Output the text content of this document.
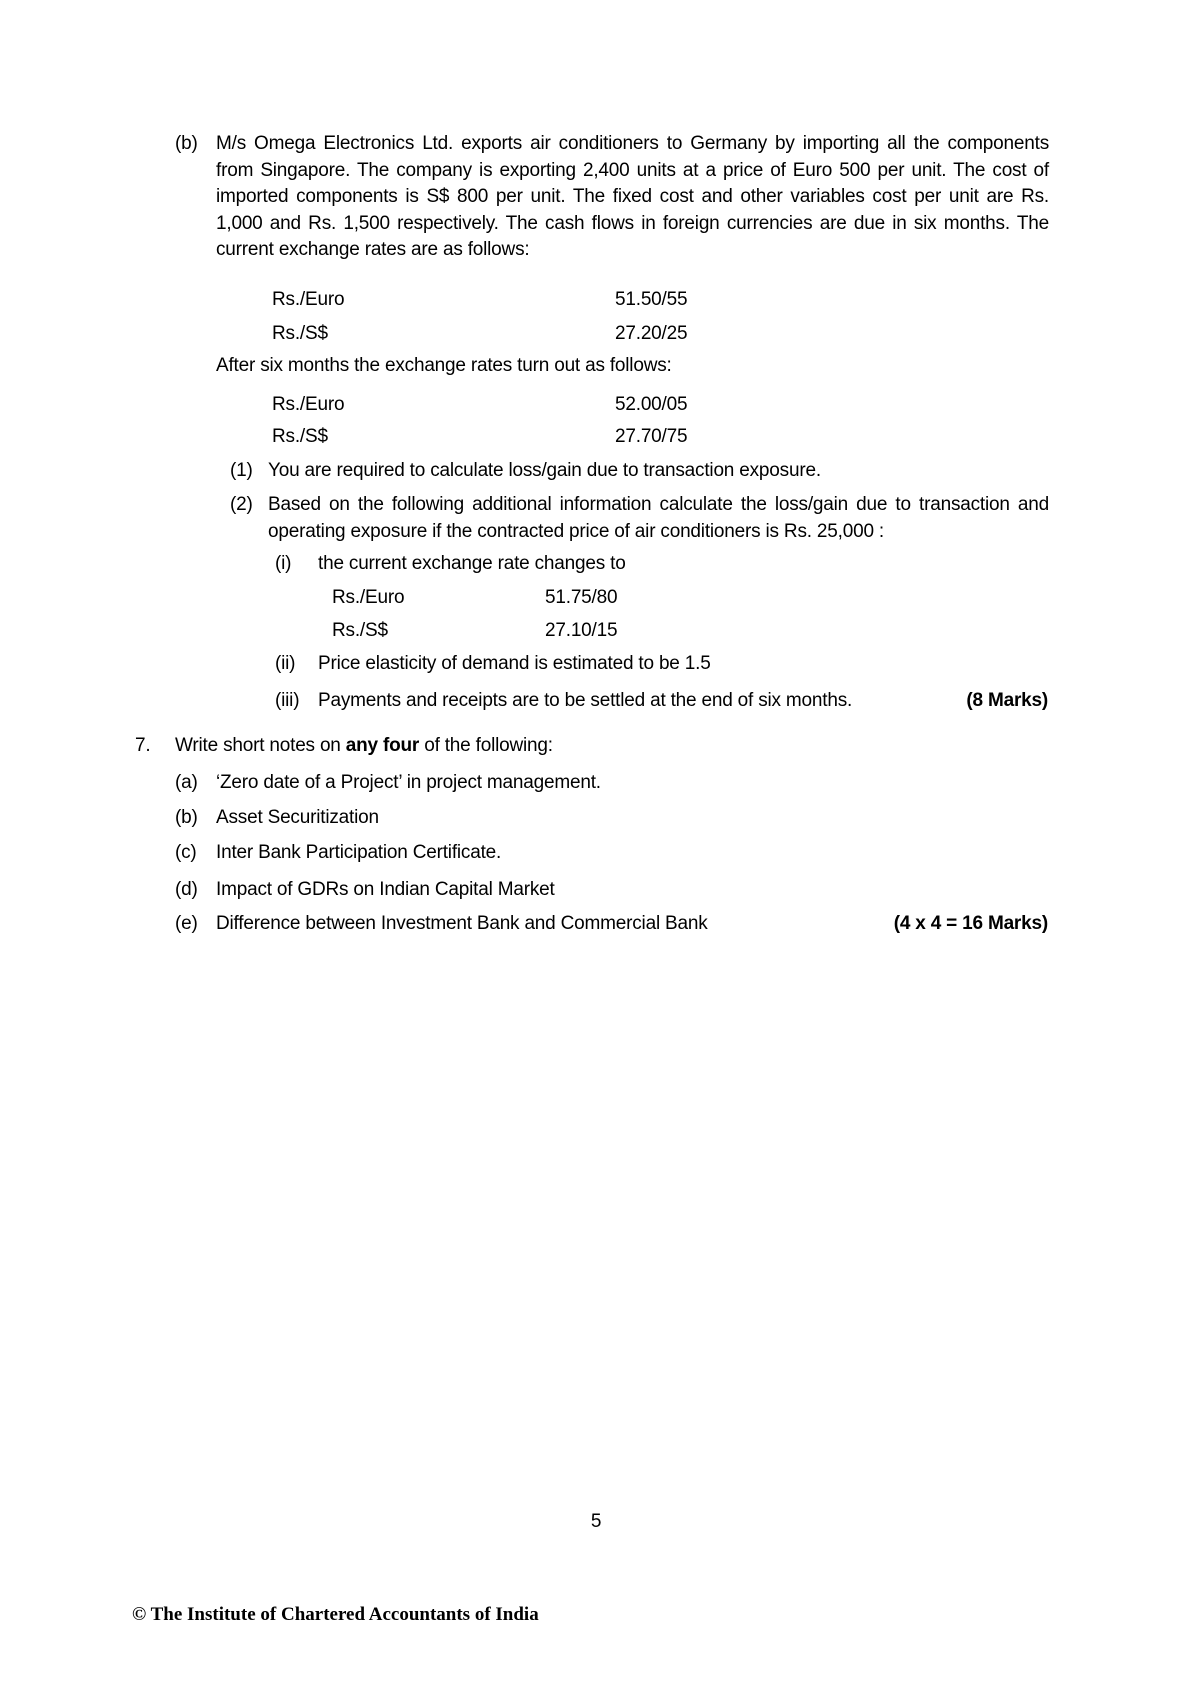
(b) M/s Omega Electronics Ltd. exports air conditioners to Germany by importing all the components from Singapore. The company is exporting 2,400 units at a price of Euro 500 per unit. The cost of imported components is S$ 800 per unit. The fixed cost and other variables cost per unit are Rs. 1,000 and Rs. 1,500 respectively. The cash flows in foreign currencies are due in six months. The current exchange rates are as follows:
Rs./Euro	51.50/55
Rs./S$	27.20/25
After six months the exchange rates turn out as follows:
Rs./Euro	52.00/05
Rs./S$	27.70/75
(1) You are required to calculate loss/gain due to transaction exposure.
(2) Based on the following additional information calculate the loss/gain due to transaction and operating exposure if the contracted price of air conditioners is Rs. 25,000 :
(i) the current exchange rate changes to
Rs./Euro	51.75/80
Rs./S$	27.10/15
(ii) Price elasticity of demand is estimated to be 1.5
(iii) Payments and receipts are to be settled at the end of six months.	(8 Marks)
7. Write short notes on any four of the following:
(a) ‘Zero date of a Project’ in project management.
(b) Asset Securitization
(c) Inter Bank Participation Certificate.
(d) Impact of GDRs on Indian Capital Market
(e) Difference between Investment Bank and Commercial Bank	(4 x 4 = 16 Marks)
5
© The Institute of Chartered Accountants of India
